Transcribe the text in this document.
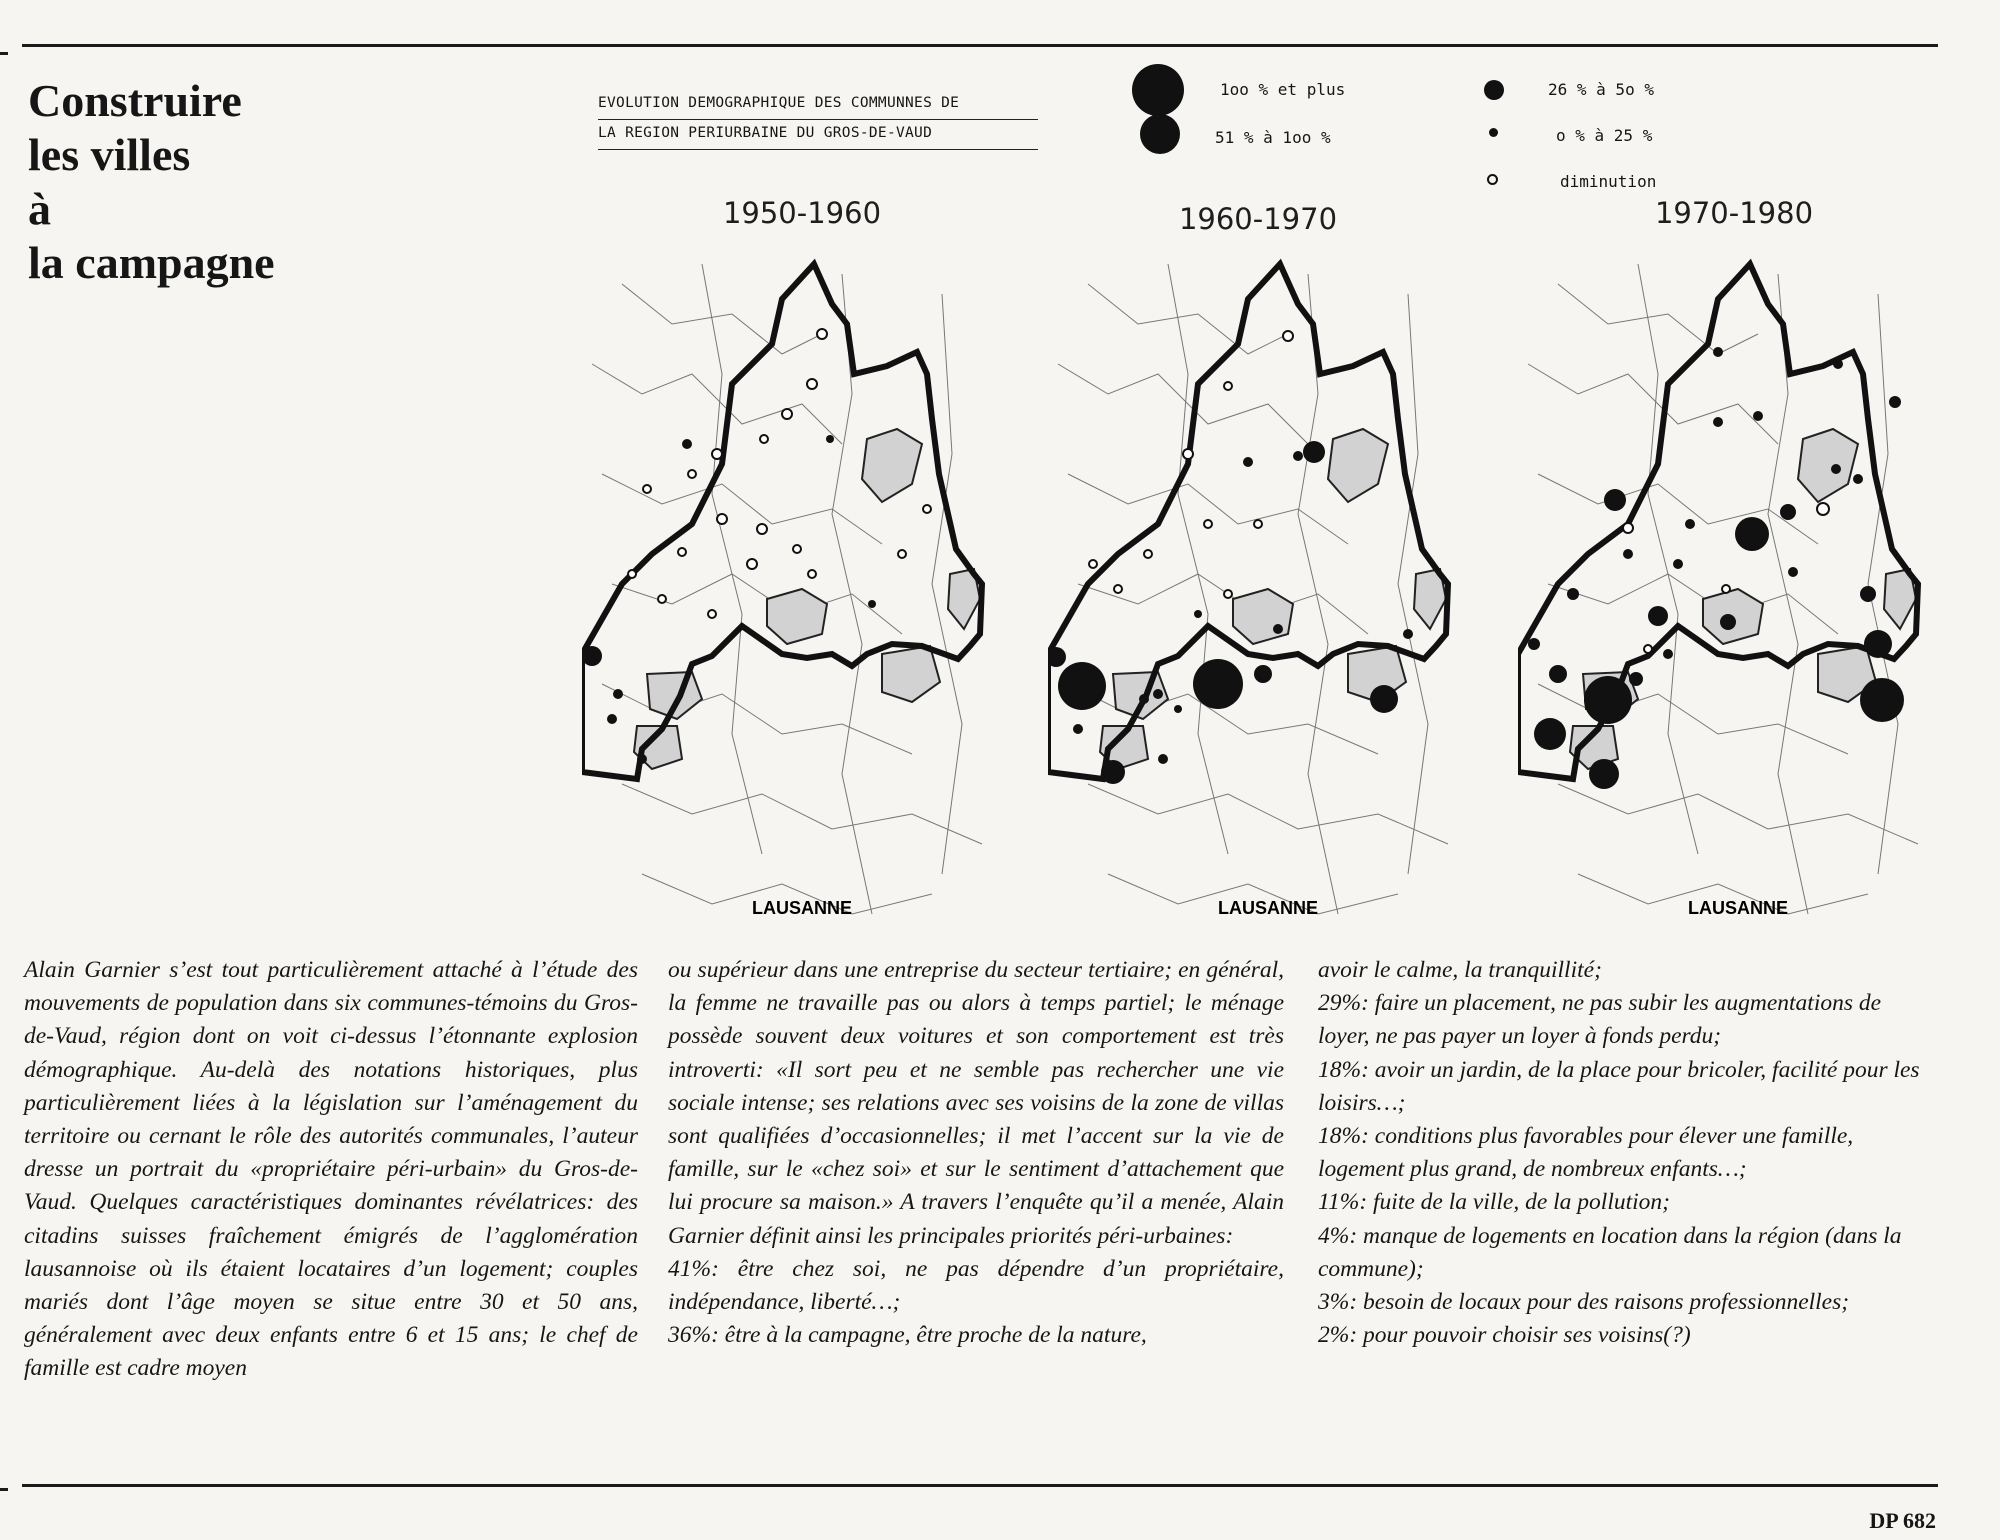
Construire
les villes
à
la campagne
EVOLUTION DEMOGRAPHIQUE DES COMMUNNES DE
LA REGION PERIURBAINE DU GROS-DE-VAUD
1oo % et plus
51 % à 1oo %
26 % à 5o %
o % à 25 %
diminution
1950-1960	1960-1970	1970-1980
LAUSANNE	LAUSANNE	LAUSANNE

Alain Garnier s’est tout particulièrement attaché à l’étude des mouvements de population dans six communes-témoins du Gros-de-Vaud, région dont on voit ci-dessus l’étonnante explosion démographique. Au-delà des notations historiques, plus particulièrement liées à la législation sur l’aménagement du territoire ou cernant le rôle des autorités communales, l’auteur dresse un portrait du «propriétaire péri-urbain» du Gros-de-Vaud. Quelques caractéristiques dominantes révélatrices: des citadins suisses fraîchement émigrés de l’agglomération lausannoise où ils étaient locataires d’un logement; couples mariés dont l’âge moyen se situe entre 30 et 50 ans, généralement avec deux enfants entre 6 et 15 ans; le chef de famille est cadre moyen

ou supérieur dans une entreprise du secteur tertiaire; en général, la femme ne travaille pas ou alors à temps partiel; le ménage possède souvent deux voitures et son comportement est très introverti: «Il sort peu et ne semble pas rechercher une vie sociale intense; ses relations avec ses voisins de la zone de villas sont qualifiées d’occasionnelles; il met l’accent sur la vie de famille, sur le «chez soi» et sur le sentiment d’attachement que lui procure sa maison.» A travers l’enquête qu’il a menée, Alain Garnier définit ainsi les principales priorités péri-urbaines:

41%: être chez soi, ne pas dépendre d’un propriétaire, indépendance, liberté…;

36%: être à la campagne, être proche de la nature,

avoir le calme, la tranquillité;

29%: faire un placement, ne pas subir les augmentations de loyer, ne pas payer un loyer à fonds perdu;

18%: avoir un jardin, de la place pour bricoler, facilité pour les loisirs…;

18%: conditions plus favorables pour élever une famille, logement plus grand, de nombreux enfants…;

11%: fuite de la ville, de la pollution;

4%: manque de logements en location dans la région (dans la commune);

3%: besoin de locaux pour des raisons professionnelles;

2%: pour pouvoir choisir ses voisins(?)

DP 682
